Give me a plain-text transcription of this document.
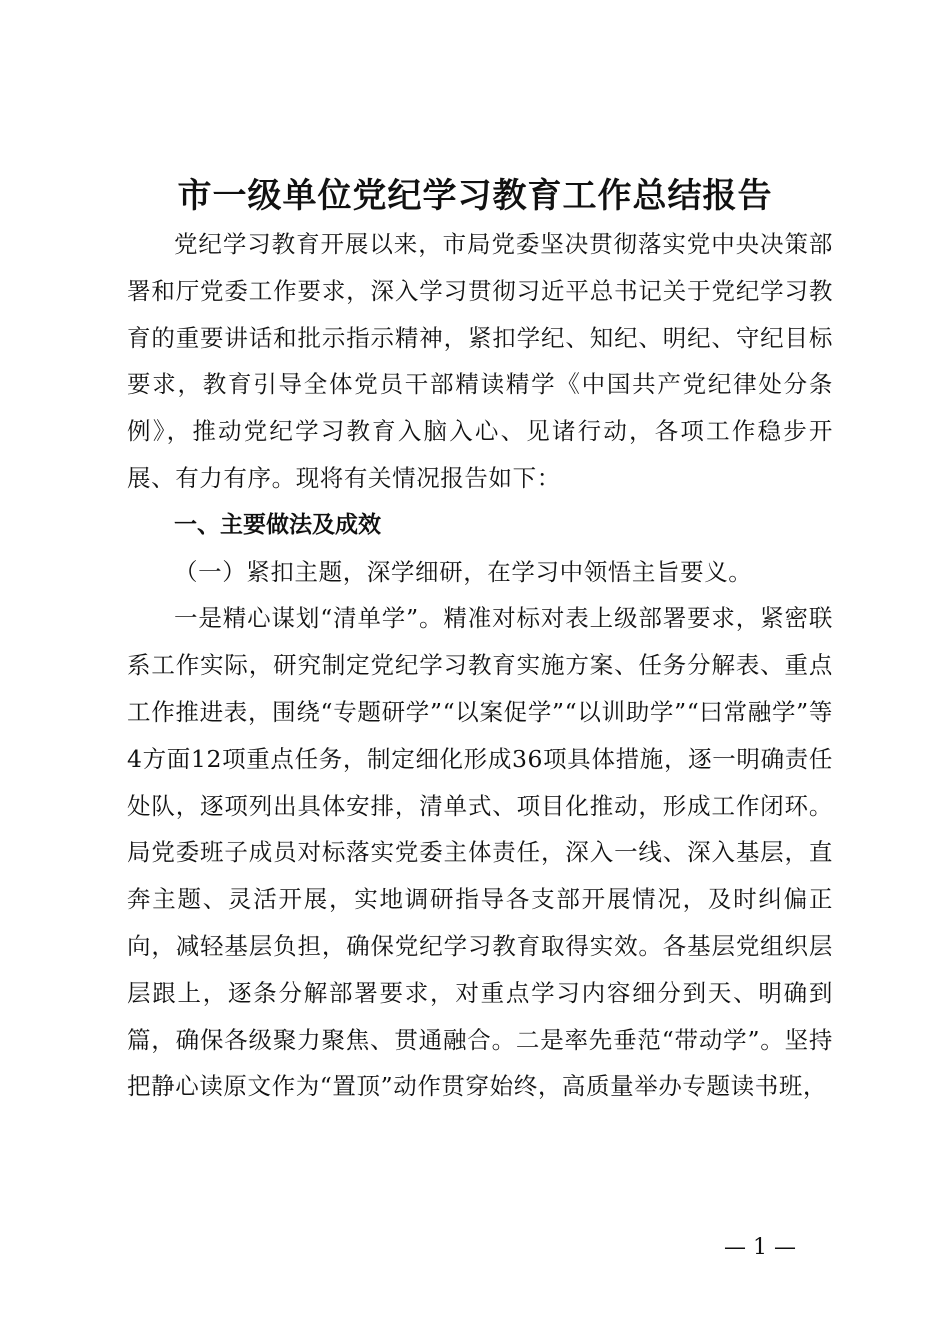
市一级单位党纪学习教育工作总结报告

党纪学习教育开展以来，市局党委坚决贯彻落实党中央决策部署和厅党委工作要求，深入学习贯彻习近平总书记关于党纪学习教育的重要讲话和批示指示精神，紧扣学纪、知纪、明纪、守纪目标要求，教育引导全体党员干部精读精学《中国共产党纪律处分条例》，推动党纪学习教育入脑入心、见诸行动，各项工作稳步开展、有力有序。现将有关情况报告如下：

一、主要做法及成效

（一）紧扣主题，深学细研，在学习中领悟主旨要义。

一是精心谋划“清单学”。精准对标对表上级部署要求，紧密联系工作实际，研究制定党纪学习教育实施方案、任务分解表、重点工作推进表，围绕“专题研学”“以案促学”“以训助学”“曰常融学”等4方面12项重点任务，制定细化形成36项具体措施，逐一明确责任处队，逐项列出具体安排，清单式、项目化推动，形成工作闭环。局党委班子成员对标落实党委主体责任，深入一线、深入基层，直奔主题、灵活开展，实地调研指导各支部开展情况，及时纠偏正向，减轻基层负担，确保党纪学习教育取得实效。各基层党组织层层跟上，逐条分解部署要求，对重点学习内容细分到天、明确到篇，确保各级聚力聚焦、贯通融合。二是率先垂范“带动学”。坚持把静心读原文作为“置顶”动作贯穿始终，高质量举办专题读书班，

— 1 —
